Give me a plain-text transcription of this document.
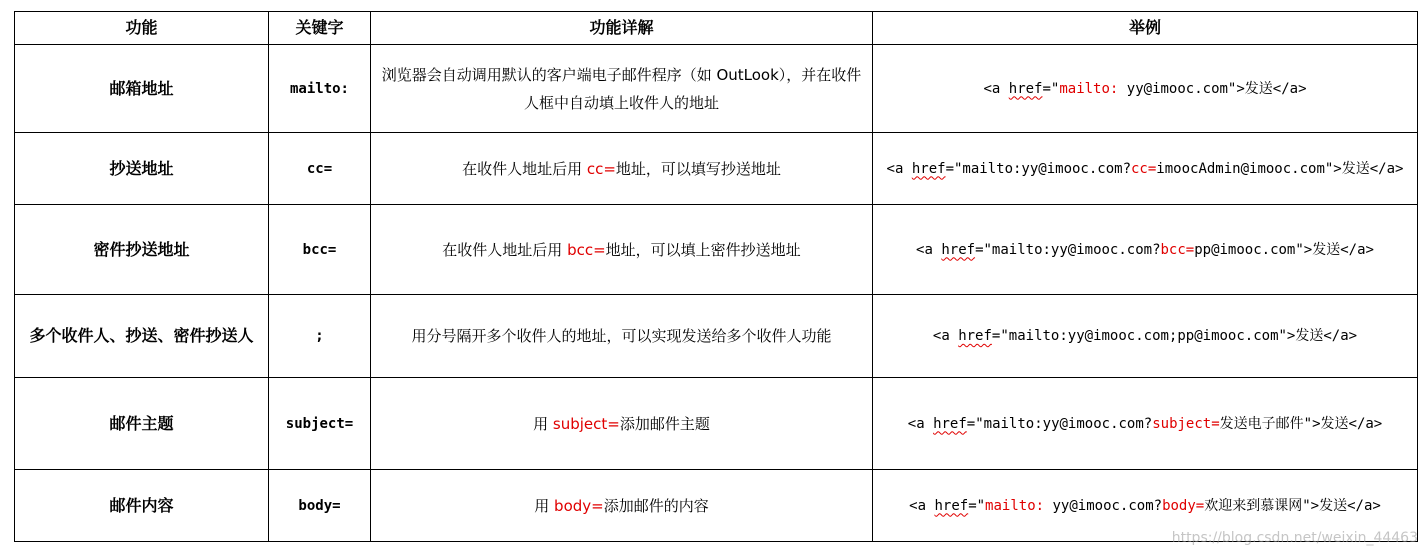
功能	关键字	功能详解	举例
邮箱地址	mailto:	浏览器会自动调用默认的客户端电子邮件程序（如 OutLook），并在收件人框中自动填上收件人的地址	<a href="mailto: yy@imooc.com">发送</a>
抄送地址	cc=	在收件人地址后用 cc=地址，可以填写抄送地址	<a href="mailto:yy@imooc.com?cc=imoocAdmin@imooc.com">发送</a>
密件抄送地址	bcc=	在收件人地址后用 bcc=地址，可以填上密件抄送地址	<a href="mailto:yy@imooc.com?bcc=pp@imooc.com">发送</a>
多个收件人、抄送、密件抄送人	;	用分号隔开多个收件人的地址，可以实现发送给多个收件人功能	<a href="mailto:yy@imooc.com;pp@imooc.com">发送</a>
邮件主题	subject=	用 subject=添加邮件主题	<a href="mailto:yy@imooc.com?subject=发送电子邮件">发送</a>
邮件内容	body=	用 body=添加邮件的内容	<a href="mailto: yy@imooc.com?body=欢迎来到慕课网">发送</a>
https://blog.csdn.net/weixin_44463
